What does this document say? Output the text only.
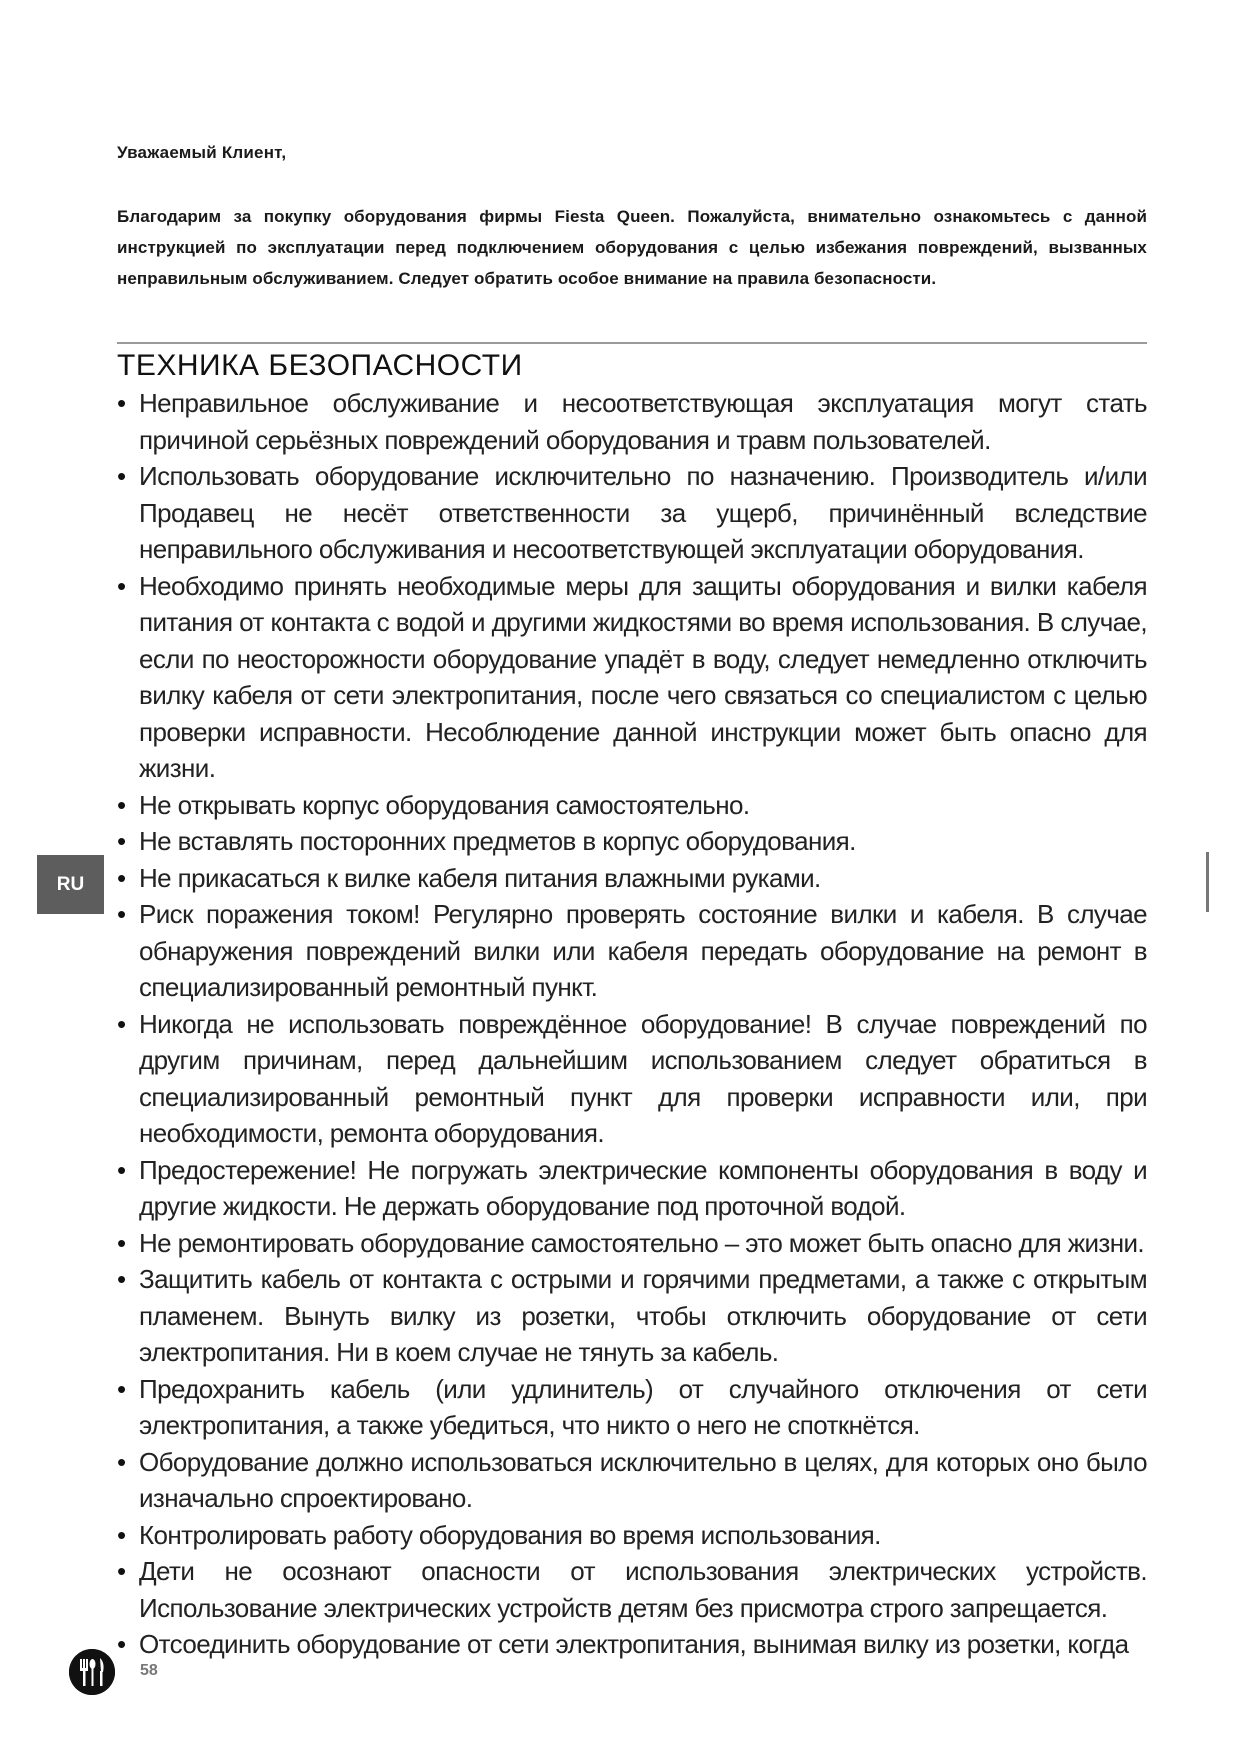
Уважаемый Клиент,
Благодарим за покупку оборудования фирмы Fiesta Queen. Пожалуйста, внимательно ознакомьтесь с данной инструкцией по эксплуатации перед подключением оборудования с целью избежания повреждений, вызванных неправильным обслуживанием. Следует обратить особое внимание на правила безопасности.
ТЕХНИКА БЕЗОПАСНОСТИ
• Неправильное обслуживание и несоответствующая эксплуатация могут стать причиной серьёзных повреждений оборудования и травм пользователей.
• Использовать оборудование исключительно по назначению. Производитель и/или Продавец не несёт ответственности за ущерб, причинённый вследствие неправильного обслуживания и несоответствующей эксплуатации оборудования.
• Необходимо принять необходимые меры для защиты оборудования и вилки кабеля питания от контакта с водой и другими жидкостями во время использования. В случае, если по неосторожности оборудование упадёт в воду, следует немедленно отключить вилку кабеля от сети электропитания, после чего связаться со специалистом с целью проверки исправности. Несоблюдение данной инструкции может быть опасно для жизни.
• Не открывать корпус оборудования самостоятельно.
• Не вставлять посторонних предметов в корпус оборудования.
• Не прикасаться к вилке кабеля питания влажными руками.
• Риск поражения током! Регулярно проверять состояние вилки и кабеля. В случае обнаружения повреждений вилки или кабеля передать оборудование на ремонт в специализированный ремонтный пункт.
• Никогда не использовать повреждённое оборудование! В случае повреждений по другим причинам, перед дальнейшим использованием следует обратиться в специализированный ремонтный пункт для проверки исправности или, при необходимости, ремонта оборудования.
• Предостережение! Не погружать электрические компоненты оборудования в воду и другие жидкости. Не держать оборудование под проточной водой.
• Не ремонтировать оборудование самостоятельно – это может быть опасно для жизни.
• Защитить кабель от контакта с острыми и горячими предметами, а также с открытым пламенем. Вынуть вилку из розетки, чтобы отключить оборудование от сети электропитания. Ни в коем случае не тянуть за кабель.
• Предохранить кабель (или удлинитель) от случайного отключения от сети электропитания, а также убедиться, что никто о него не споткнётся.
• Оборудование должно использоваться исключительно в целях, для которых оно было изначально спроектировано.
• Контролировать работу оборудования во время использования.
• Дети не осознают опасности от использования электрических устройств. Использование электрических устройств детям без присмотра строго запрещается.
• Отсоединить оборудование от сети электропитания, вынимая вилку из розетки, когда
RU
58
